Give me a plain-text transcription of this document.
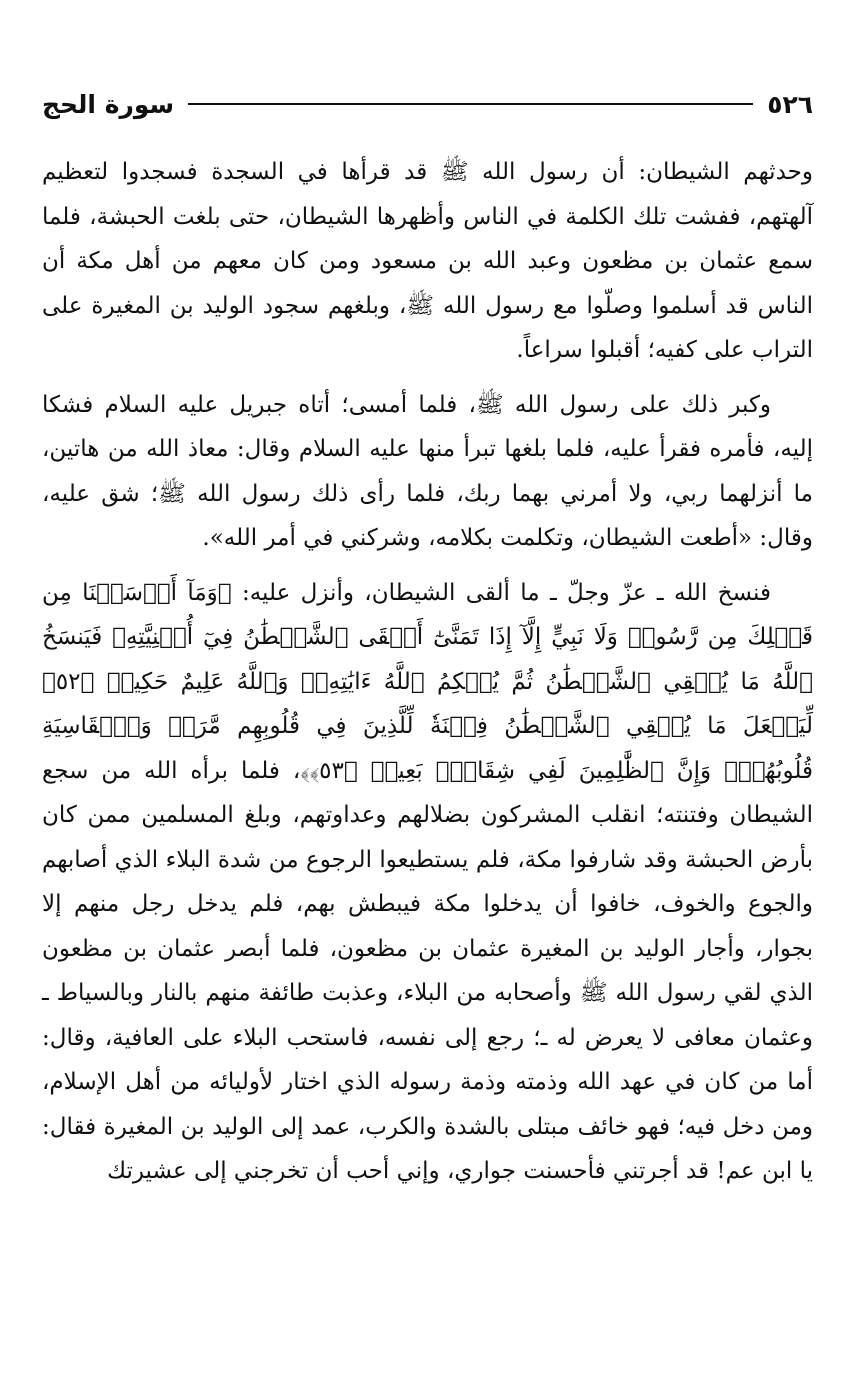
٥٢٦
سورة الحج

وحدثهم الشيطان: أن رسول الله ﷺ قد قرأها في السجدة فسجدوا لتعظيم آلهتهم، ففشت تلك الكلمة في الناس وأظهرها الشيطان، حتى بلغت الحبشة، فلما سمع عثمان بن مظعون وعبد الله بن مسعود ومن كان معهم من أهل مكة أن الناس قد أسلموا وصلّوا مع رسول الله ﷺ، وبلغهم سجود الوليد بن المغيرة على التراب على كفيه؛ أقبلوا سراعاً.

وكبر ذلك على رسول الله ﷺ، فلما أمسى؛ أتاه جبريل عليه السلام فشكا إليه، فأمره فقرأ عليه، فلما بلغها تبرأ منها عليه السلام وقال: معاذ الله من هاتين، ما أنزلهما ربي، ولا أمرني بهما ربك، فلما رأى ذلك رسول الله ﷺ؛ شق عليه، وقال: «أطعت الشيطان، وتكلمت بكلامه، وشركني في أمر الله».

فنسخ الله ـ عزّ وجلّ ـ ما ألقى الشيطان، وأنزل عليه: ﴿وَمَآ أَرۡسَلۡنَا مِن قَبۡلِكَ مِن رَّسُولٖ وَلَا نَبِيٍّ إِلَّآ إِذَا تَمَنَّىٰٓ أَلۡقَى ٱلشَّيۡطَٰنُ فِيٓ أُمۡنِيَّتِهِۦ فَيَنسَخُ ٱللَّهُ مَا يُلۡقِي ٱلشَّيۡطَٰنُ ثُمَّ يُحۡكِمُ ٱللَّهُ ءَايَٰتِهِۦۗ وَٱللَّهُ عَلِيمٌ حَكِيمٞ ﴿٥٢﴾ لِّيَجۡعَلَ مَا يُلۡقِي ٱلشَّيۡطَٰنُ فِتۡنَةٗ لِّلَّذِينَ فِي قُلُوبِهِم مَّرَضٞ وَٱلۡقَاسِيَةِ قُلُوبُهُمۡۗ وَإِنَّ ٱلظَّٰلِمِينَ لَفِي شِقَاقِۭ بَعِيدٖ ﴿٥٣﴾﴾، فلما برأه الله من سجع الشيطان وفتنته؛ انقلب المشركون بضلالهم وعداوتهم، وبلغ المسلمين ممن كان بأرض الحبشة وقد شارفوا مكة، فلم يستطيعوا الرجوع من شدة البلاء الذي أصابهم والجوع والخوف، خافوا أن يدخلوا مكة فيبطش بهم، فلم يدخل رجل منهم إلا بجوار، وأجار الوليد بن المغيرة عثمان بن مظعون، فلما أبصر عثمان بن مظعون الذي لقي رسول الله ﷺ وأصحابه من البلاء، وعذبت طائفة منهم بالنار وبالسياط ـ وعثمان معافى لا يعرض له ـ؛ رجع إلى نفسه، فاستحب البلاء على العافية، وقال: أما من كان في عهد الله وذمته وذمة رسوله الذي اختار لأوليائه من أهل الإسلام، ومن دخل فيه؛ فهو خائف مبتلى بالشدة والكرب، عمد إلى الوليد بن المغيرة فقال: يا ابن عم! قد أجرتني فأحسنت جواري، وإني أحب أن تخرجني إلى عشيرتك
